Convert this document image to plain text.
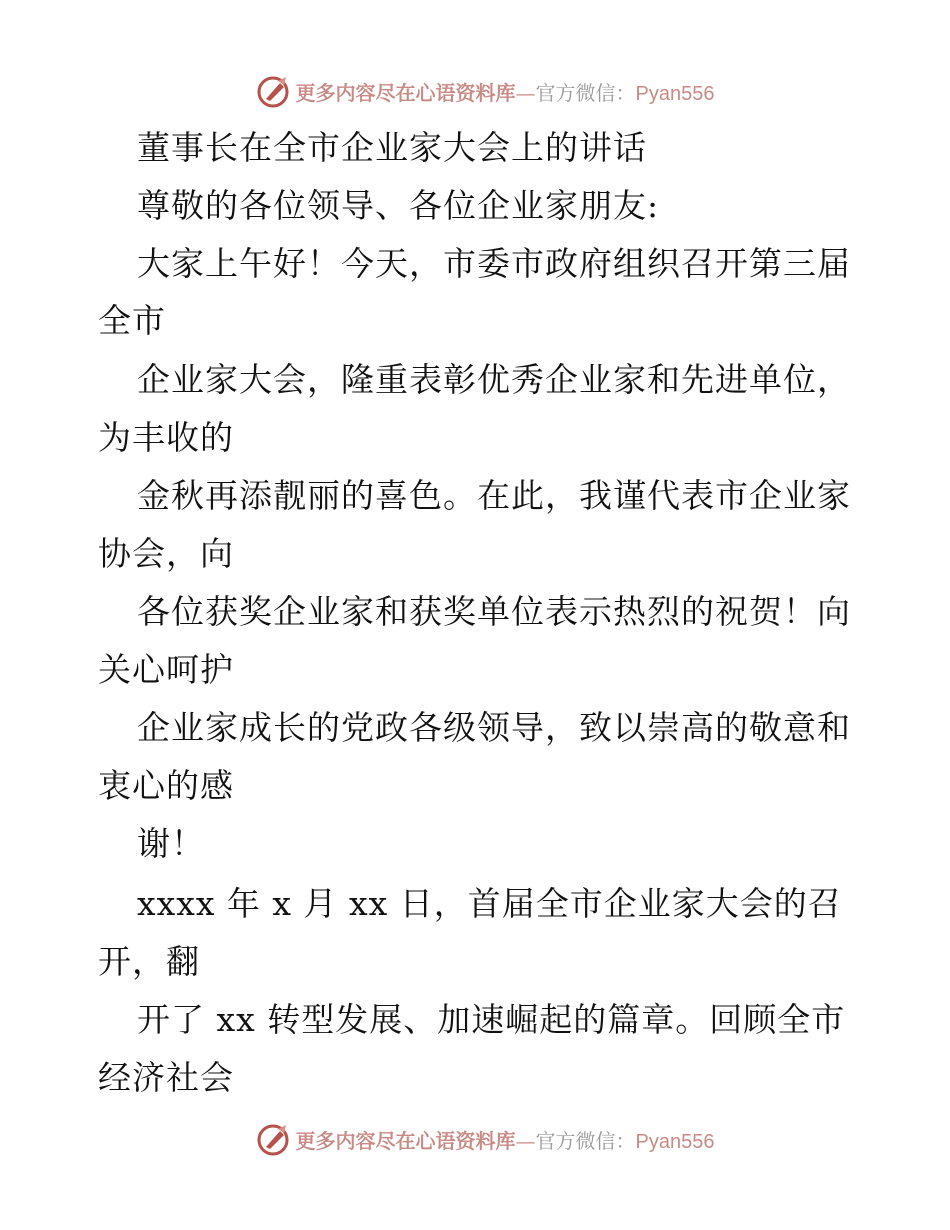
更多内容尽在心语资料库—官方微信：Pyan556
董事长在全市企业家大会上的讲话
尊敬的各位领导、各位企业家朋友:
大家上午好！今天，市委市政府组织召开第三届
全市
企业家大会，隆重表彰优秀企业家和先进单位，
为丰收的
金秋再添靓丽的喜色。在此，我谨代表市企业家
协会，向
各位获奖企业家和获奖单位表示热烈的祝贺！向
关心呵护
企业家成长的党政各级领导，致以崇高的敬意和
衷心的感
谢！
xxxx 年 x 月 xx 日，首届全市企业家大会的召
开，翻
开了 xx 转型发展、加速崛起的篇章。回顾全市
经济社会
更多内容尽在心语资料库—官方微信：Pyan556
